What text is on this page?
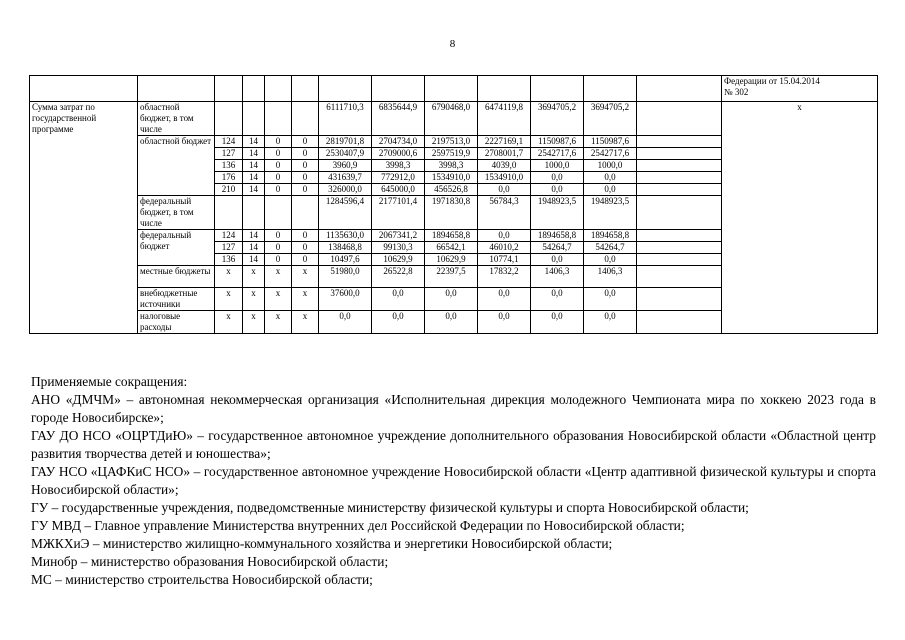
8
													Федерации от 15.04.2014
№ 302
Сумма затрат по государственной программе	областной бюджет, в том числе					6111710,3	6835644,9	6790468,0	6474119,8	3694705,2	3694705,2		x
	областной бюджет	124	14	0	0	2819701,8	2704734,0	2197513,0	2227169,1	1150987,6	1150987,6		
		127	14	0	0	2530407,9	2709000,6	2597519,9	2708001,7	2542717,6	2542717,6		
		136	14	0	0	3960,9	3998,3	3998,3	4039,0	1000,0	1000,0		
		176	14	0	0	431639,7	772912,0	1534910,0	1534910,0	0,0	0,0		
		210	14	0	0	326000,0	645000,0	456526,8	0,0	0,0	0,0		
	федеральный бюджет, в том числе					1284596,4	2177101,4	1971830,8	56784,3	1948923,5	1948923,5		
	федеральный бюджет	124	14	0	0	1135630,0	2067341,2	1894658,8	0,0	1894658,8	1894658,8		
		127	14	0	0	138468,8	99130,3	66542,1	46010,2	54264,7	54264,7		
		136	14	0	0	10497,6	10629,9	10629,9	10774,1	0,0	0,0		
	местные бюджеты	x	x	x	x	51980,0	26522,8	22397,5	17832,2	1406,3	1406,3		
	внебюджетные источники	x	x	x	x	37600,0	0,0	0,0	0,0	0,0	0,0		
	налоговые расходы	x	x	x	x	0,0	0,0	0,0	0,0	0,0	0,0		

Применяемые сокращения:

АНО «ДМЧМ» – автономная некоммерческая организация «Исполнительная дирекция молодежного Чемпионата мира по хоккею 2023 года в городе Новосибирске»;

ГАУ ДО НСО «ОЦРТДиЮ» – государственное автономное учреждение дополнительного образования Новосибирской области «Областной центр развития творчества детей и юношества»;

ГАУ НСО «ЦАФКиС НСО» – государственное автономное учреждение Новосибирской области «Центр адаптивной физической культуры и спорта Новосибирской области»;

ГУ – государственные учреждения, подведомственные министерству физической культуры и спорта Новосибирской области;

ГУ МВД – Главное управление Министерства внутренних дел Российской Федерации по Новосибирской области;

МЖКХиЭ – министерство жилищно-коммунального хозяйства и энергетики Новосибирской области;

Минобр – министерство образования Новосибирской области;

МС – министерство строительства Новосибирской области;
